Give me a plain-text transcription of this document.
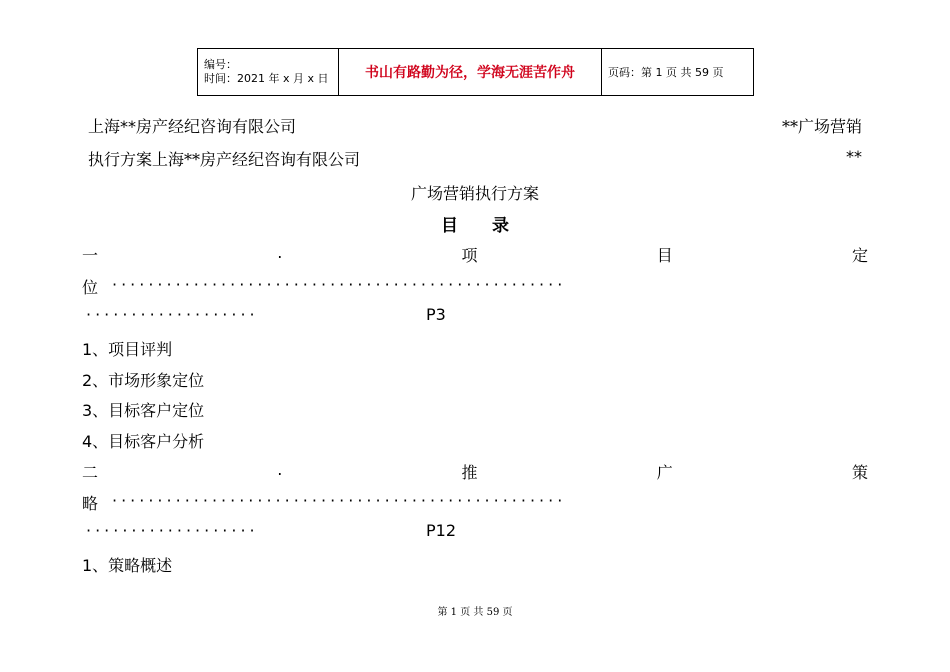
编号：
时间：2021 年 x 月 x 日	书山有路勤为径，学海无涯苦作舟	页码：第 1 页 共 59 页
上海**房产经纪咨询有限公司	**广场营销
执行方案上海**房产经纪咨询有限公司	**
广场营销执行方案
目　　录
一	.	项	目	定
位 ··················································
···················	P3
1、项目评判
2、市场形象定位
3、目标客户定位
4、目标客户分析
二	.	推	广	策
略 ··················································
···················	P12
1、策略概述
第 1 页 共 59 页
